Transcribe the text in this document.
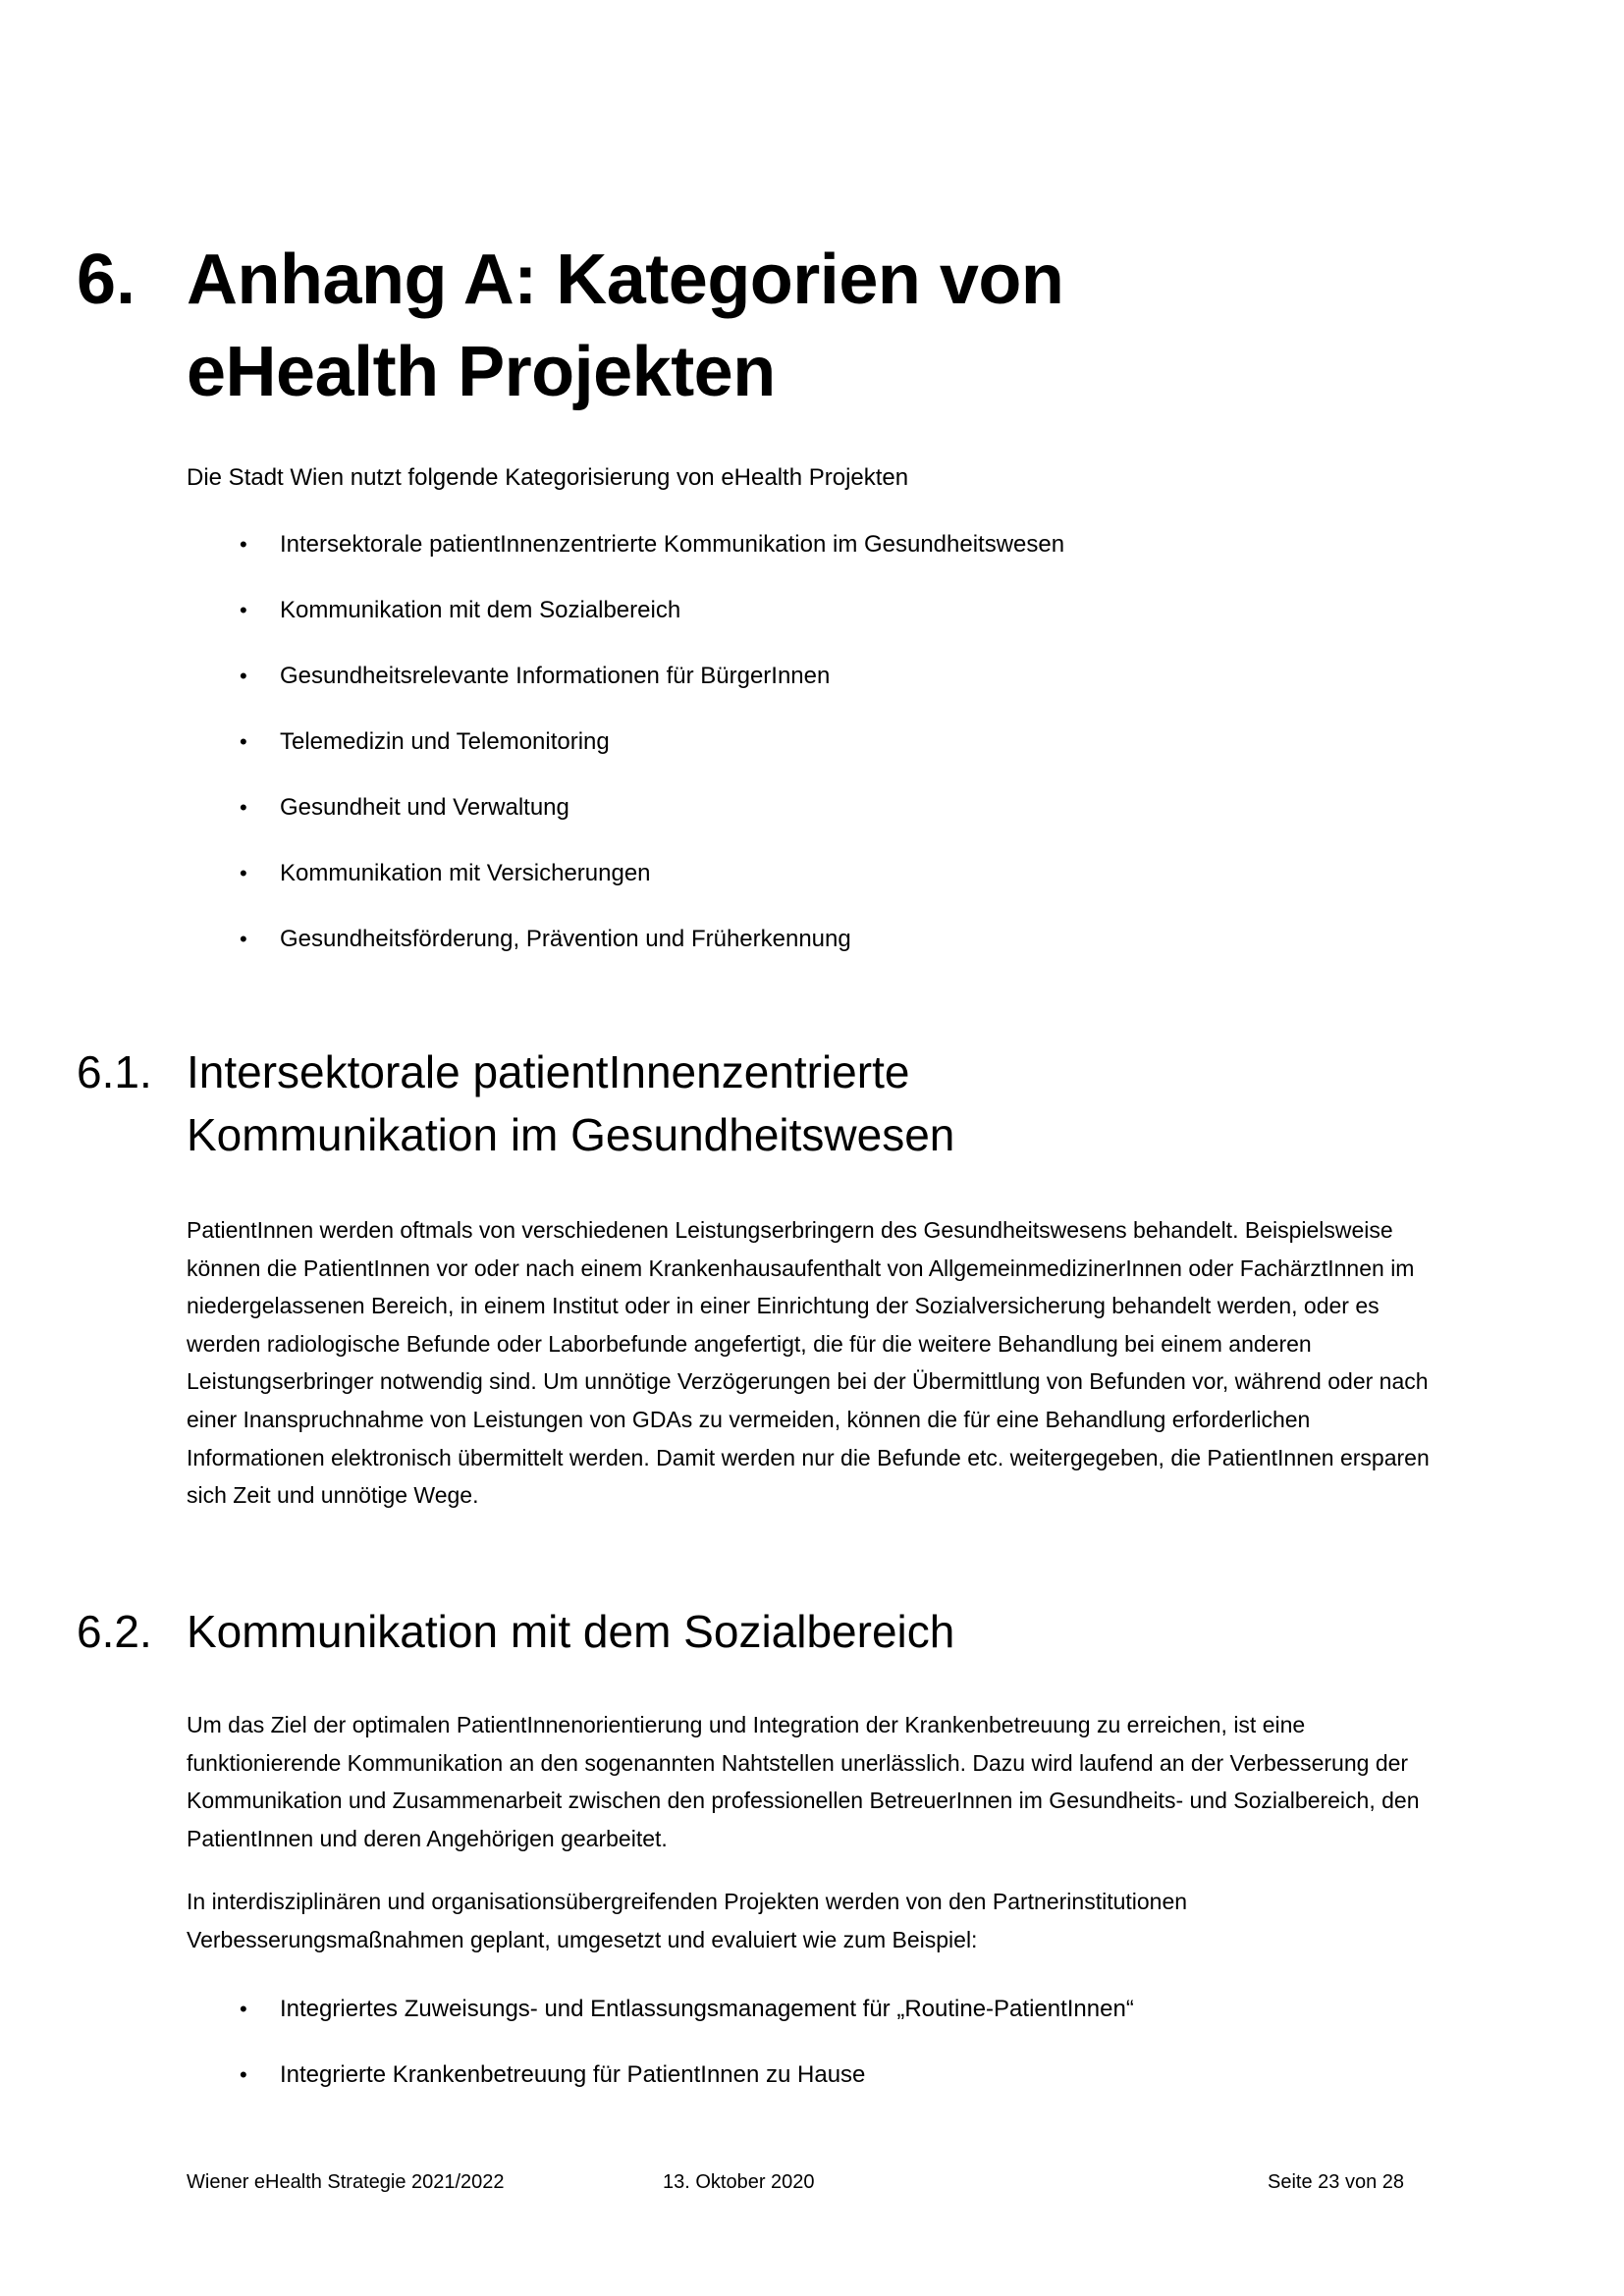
6. Anhang A: Kategorien von eHealth Projekten
Die Stadt Wien nutzt folgende Kategorisierung von eHealth Projekten
• Intersektorale patientInnenzentrierte Kommunikation im Gesundheitswesen
• Kommunikation mit dem Sozialbereich
• Gesundheitsrelevante Informationen für BürgerInnen
• Telemedizin und Telemonitoring
• Gesundheit und Verwaltung
• Kommunikation mit Versicherungen
• Gesundheitsförderung, Prävention und Früherkennung
6.1. Intersektorale patientInnenzentrierte Kommunikation im Gesundheitswesen

PatientInnen werden oftmals von verschiedenen Leistungserbringern des Gesundheitswesens behandelt. Beispielsweise können die PatientInnen vor oder nach einem Krankenhausaufenthalt von AllgemeinmedizinerInnen oder FachärztInnen im niedergelassenen Bereich, in einem Institut oder in einer Einrichtung der Sozialversicherung behandelt werden, oder es werden radiologische Befunde oder Laborbefunde angefertigt, die für die weitere Behandlung bei einem anderen Leistungserbringer notwendig sind. Um unnötige Verzögerungen bei der Übermittlung von Befunden vor, während oder nach einer Inanspruchnahme von Leistungen von GDAs zu vermeiden, können die für eine Behandlung erforderlichen Informationen elektronisch übermittelt werden. Damit werden nur die Befunde etc. weitergegeben, die PatientInnen ersparen sich Zeit und unnötige Wege.

6.2. Kommunikation mit dem Sozialbereich

Um das Ziel der optimalen PatientInnenorientierung und Integration der Krankenbetreuung zu erreichen, ist eine funktionierende Kommunikation an den sogenannten Nahtstellen unerlässlich. Dazu wird laufend an der Verbesserung der Kommunikation und Zusammenarbeit zwischen den professionellen BetreuerInnen im Gesundheits- und Sozialbereich, den PatientInnen und deren Angehörigen gearbeitet.

In interdisziplinären und organisationsübergreifenden Projekten werden von den Partnerinstitutionen Verbesserungsmaßnahmen geplant, umgesetzt und evaluiert wie zum Beispiel:

• Integriertes Zuweisungs- und Entlassungsmanagement für „Routine-PatientInnen“
• Integrierte Krankenbetreuung für PatientInnen zu Hause
Wiener eHealth Strategie 2021/2022	13. Oktober 2020	Seite 23 von 28
